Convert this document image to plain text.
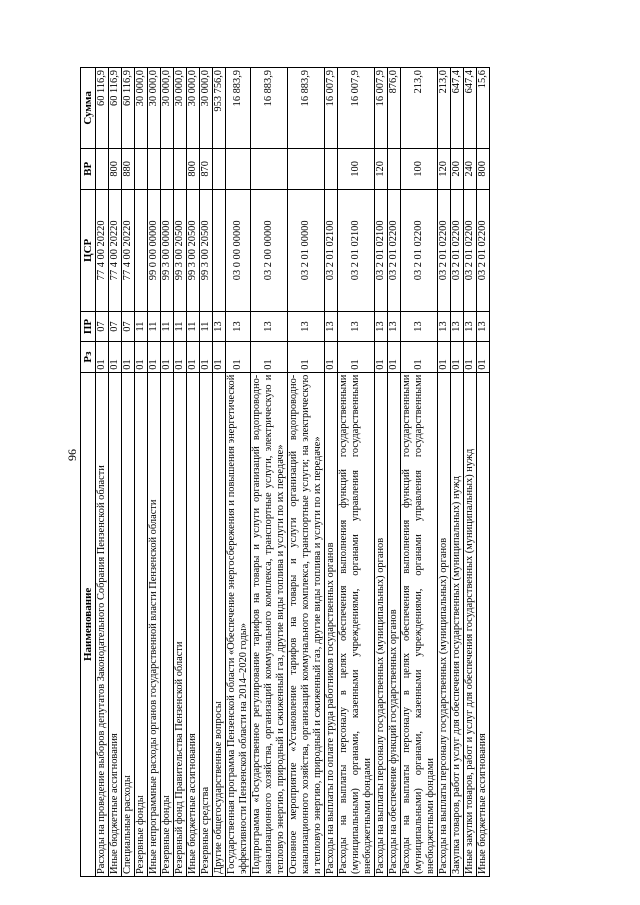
96
Наименование	Рз	ПР	ЦСР	ВР	Сумма
Расходы на проведение выборов депутатов Законодательного Собрания Пензенской области	01	07	77 4 00 20220		60 116,9
Иные бюджетные ассигнования	01	07	77 4 00 20220	800	60 116,9
Специальные расходы	01	07	77 4 00 20220	880	60 116,9
Резервные фонды	01	11			30 000,0
Иные непрограммные расходы органов государственной власти Пензенской области	01	11	99 0 00 00000		30 000,0
Резервные фонды	01	11	99 3 00 00000		30 000,0
Резервный фонд Правительства Пензенской области	01	11	99 3 00 20500		30 000,0
Иные бюджетные ассигнования	01	11	99 3 00 20500	800	30 000,0
Резервные средства	01	11	99 3 00 20500	870	30 000,0
Другие общегосударственные вопросы	01	13			953 756,0
Государственная программа Пензенской области «Обеспечение энергосбережения и повышения энергетической эффективности Пензенской области на 2014–2020 годы»	01	13	03 0 00 00000		16 883,9
Подпрограмма «Государственное регулирование тарифов на товары и услуги организаций водопроводно-канализационного хозяйства, организаций коммунального комплекса, транспортные услуги, электрическую и тепловую энергию, природный и сжиженный газ, другие виды топлива и услуги по их передаче»	01	13	03 2 00 00000		16 883,9
Основное мероприятие «Установление тарифов на товары и услуги организаций водопроводно-канализационного хозяйства, организаций коммунального комплекса, транспортные услуги; на электрическую и тепловую энергию, природный и сжиженный газ, другие виды топлива и услуги по их передаче»	01	13	03 2 01 00000		16 883,9
Расходы на выплаты по оплате труда работников государственных органов	01	13	03 2 01 02100		16 007,9
Расходы на выплаты персоналу в целях обеспечения выполнения функций государственными (муниципальными) органами, казенными учреждениями, органами управления государственными внебюджетными фондами	01	13	03 2 01 02100	100	16 007,9
Расходы на выплаты персоналу государственных (муниципальных) органов	01	13	03 2 01 02100	120	16 007,9
Расходы на обеспечение функций государственных органов	01	13	03 2 01 02200		876,0
Расходы на выплаты персоналу в целях обеспечения выполнения функций государственными (муниципальными) органами, казенными учреждениями, органами управления государственными внебюджетными фондами	01	13	03 2 01 02200	100	213,0
Расходы на выплаты персоналу государственных (муниципальных) органов	01	13	03 2 01 02200	120	213,0
Закупка товаров, работ и услуг для обеспечения государственных (муниципальных) нужд	01	13	03 2 01 02200	200	647,4
Иные закупки товаров, работ и услуг для обеспечения государственных (муниципальных) нужд	01	13	03 2 01 02200	240	647,4
Иные бюджетные ассигнования	01	13	03 2 01 02200	800	15,6
